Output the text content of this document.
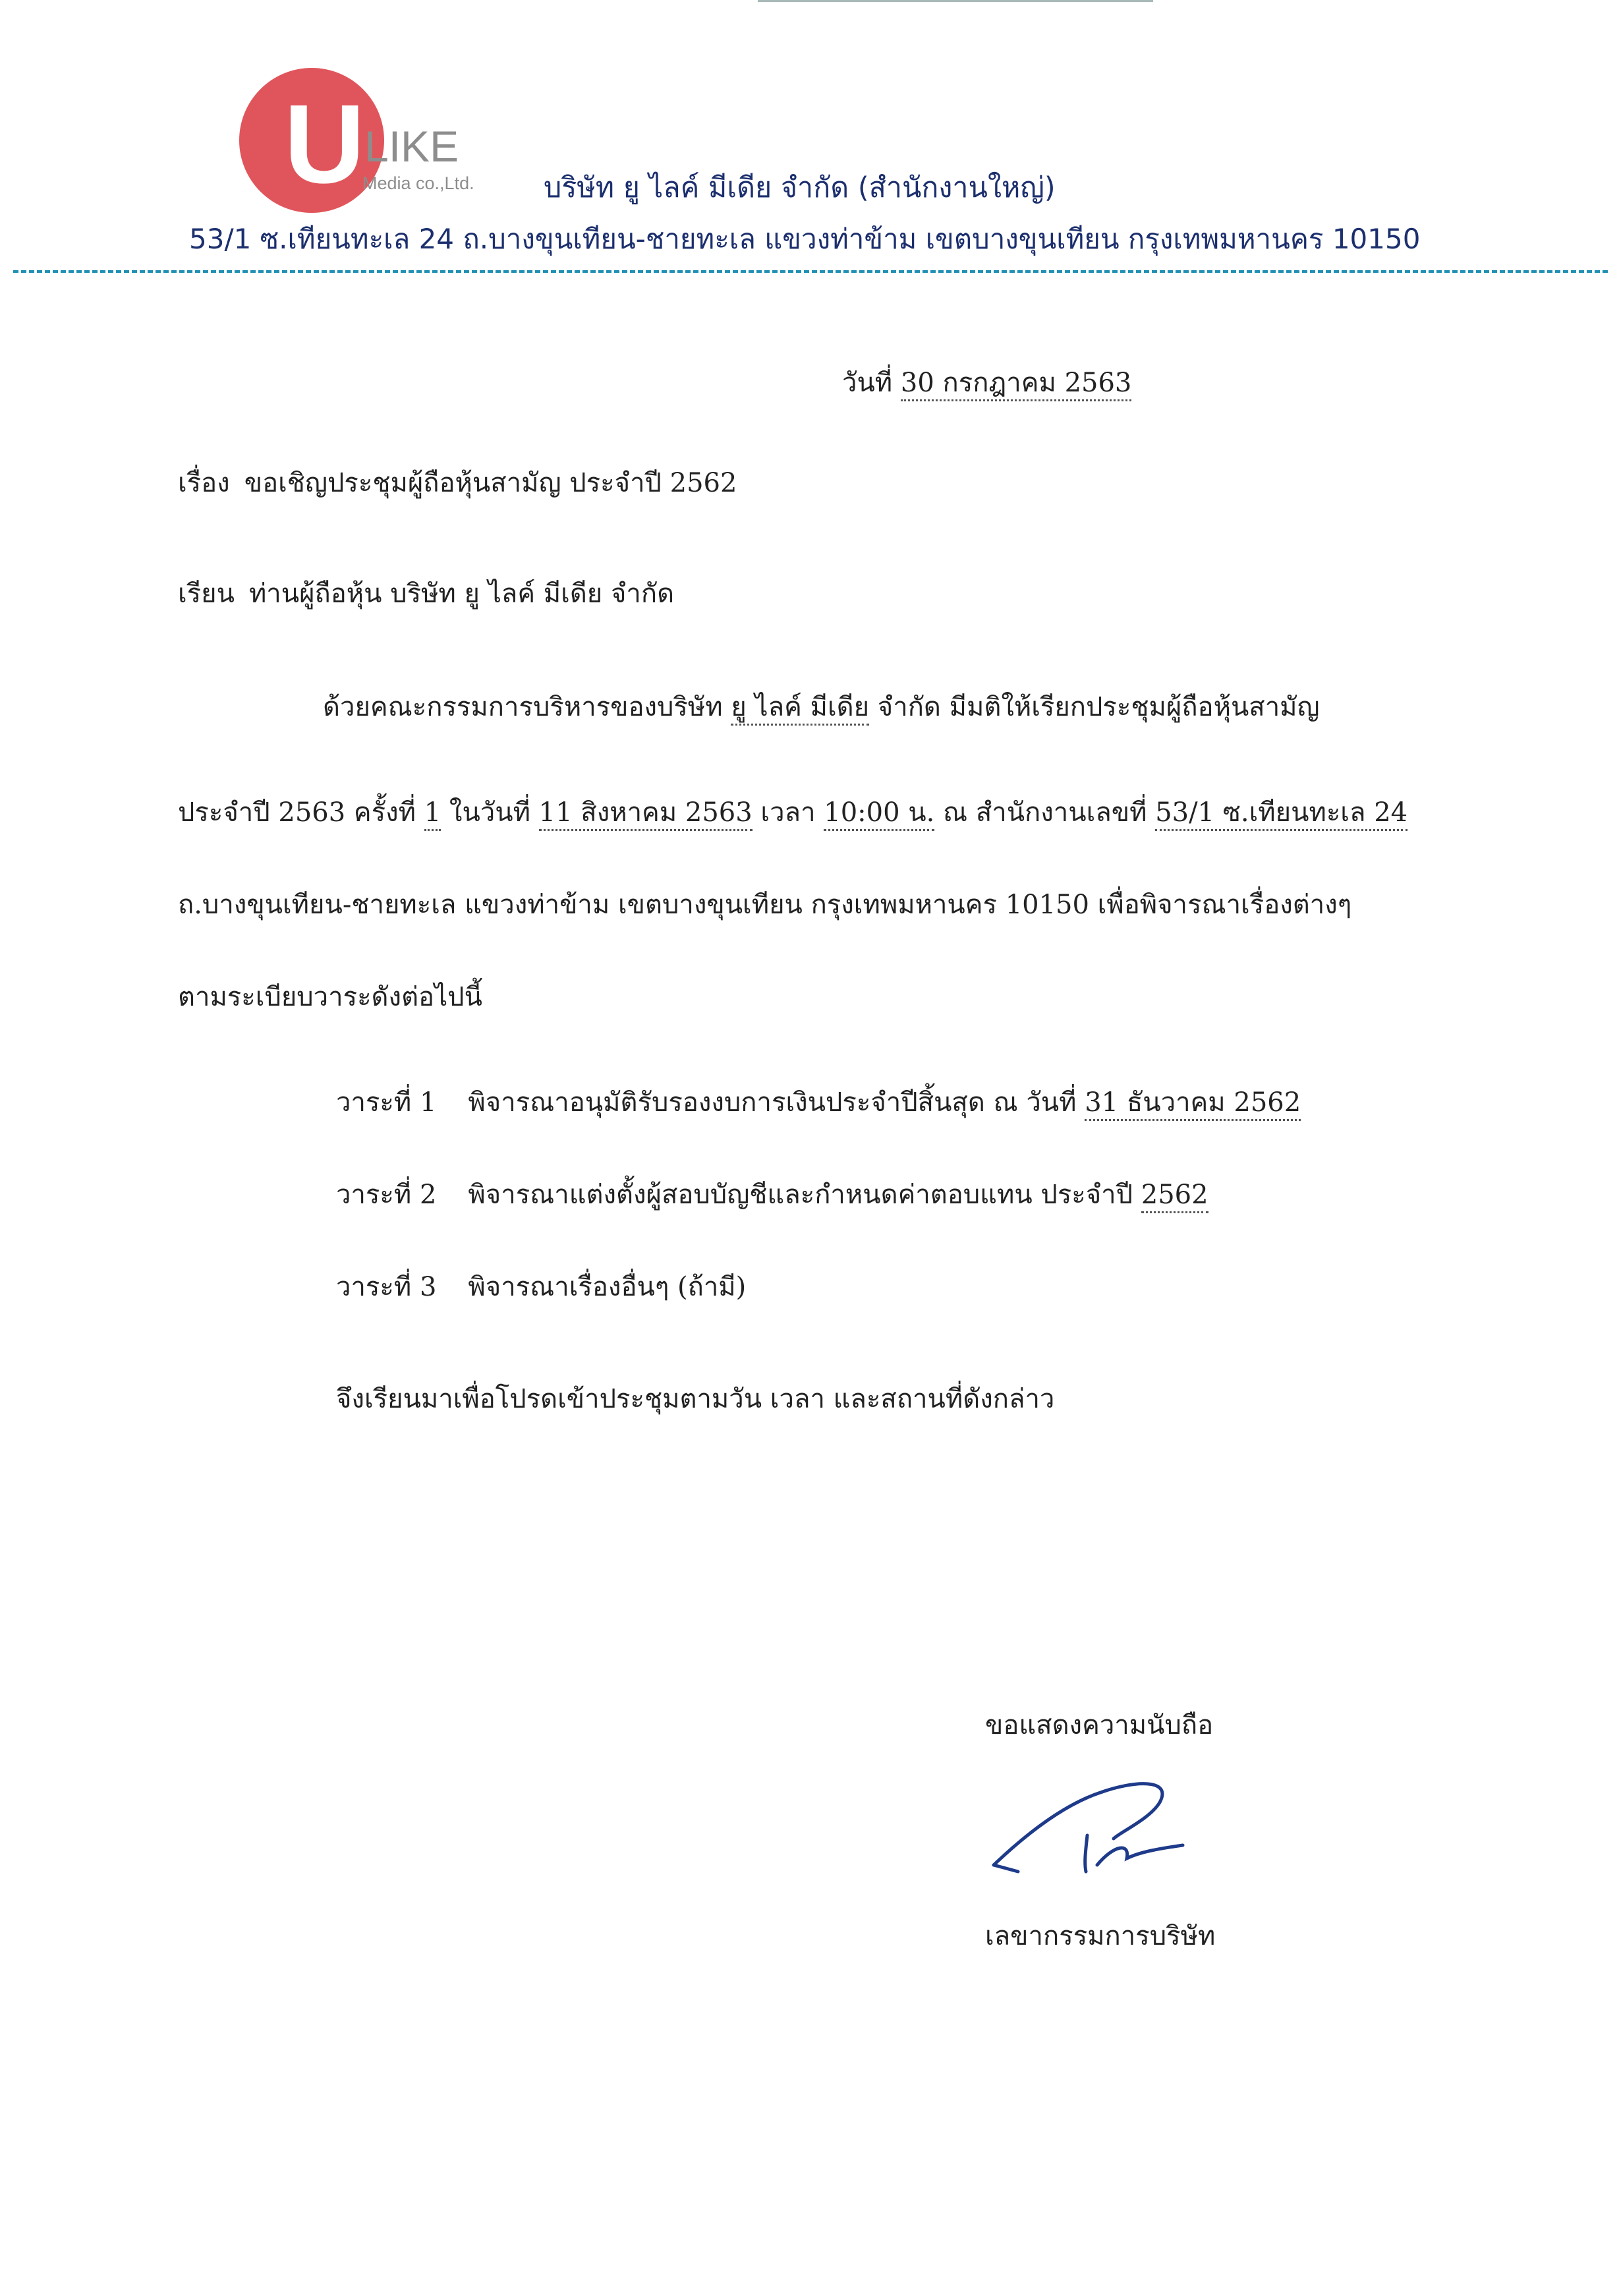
U LIKE
Media co.,Ltd. บริษัท ยู ไลค์ มีเดีย จำกัด (สำนักงานใหญ่)
53/1 ซ.เทียนทะเล 24 ถ.บางขุนเทียน-ชายทะเล แขวงท่าข้าม เขตบางขุนเทียน กรุงเทพมหานคร 10150
วันที่ 30 กรกฎาคม 2563
เรื่อง ขอเชิญประชุมผู้ถือหุ้นสามัญ ประจำปี 2562
เรียน ท่านผู้ถือหุ้น บริษัท ยู ไลค์ มีเดีย จำกัด
ด้วยคณะกรรมการบริหารของบริษัท ยู ไลค์ มีเดีย จำกัด มีมติให้เรียกประชุมผู้ถือหุ้นสามัญ
ประจำปี 2563 ครั้งที่ 1 ในวันที่ 11 สิงหาคม 2563 เวลา 10:00 น. ณ สำนักงานเลขที่ 53/1 ซ.เทียนทะเล 24
ถ.บางขุนเทียน-ชายทะเล แขวงท่าข้าม เขตบางขุนเทียน กรุงเทพมหานคร 10150 เพื่อพิจารณาเรื่องต่างๆ
ตามระเบียบวาระดังต่อไปนี้
วาระที่ 1 พิจารณาอนุมัติรับรองงบการเงินประจำปีสิ้นสุด ณ วันที่ 31 ธันวาคม 2562
วาระที่ 2 พิจารณาแต่งตั้งผู้สอบบัญชีและกำหนดค่าตอบแทน ประจำปี 2562
วาระที่ 3 พิจารณาเรื่องอื่นๆ (ถ้ามี)
จึงเรียนมาเพื่อโปรดเข้าประชุมตามวัน เวลา และสถานที่ดังกล่าว
ขอแสดงความนับถือ
เลขากรรมการบริษัท
